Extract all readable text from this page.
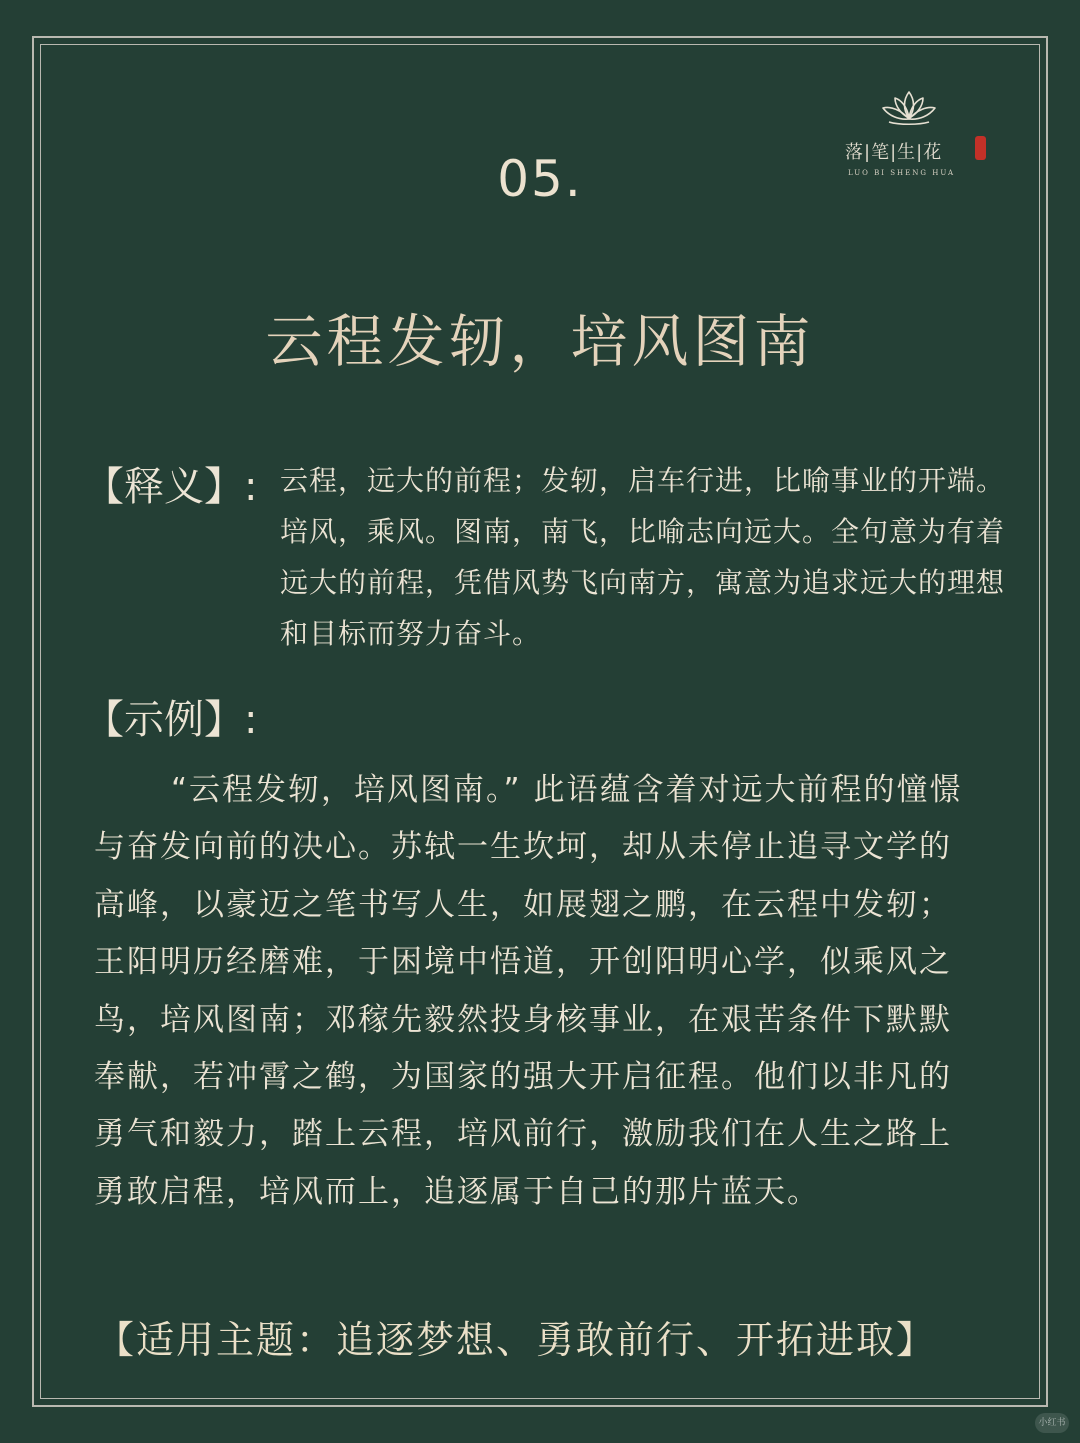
落|笔|生|花
LUO BI SHENG HUA
05.
云程发轫，培风图南
【释义】: 云程，远大的前程；发轫，启车行进，比喻事业的开端。培风，乘风。图南，南飞，比喻志向远大。全句意为有着远大的前程，凭借风势飞向南方，寓意为追求远大的理想和目标而努力奋斗。
【示例】:
“云程发轫，培风图南。” 此语蕴含着对远大前程的憧憬与奋发向前的决心。苏轼一生坎坷，却从未停止追寻文学的高峰，以豪迈之笔书写人生，如展翅之鹏，在云程中发轫；王阳明历经磨难，于困境中悟道，开创阳明心学，似乘风之鸟，培风图南；邓稼先毅然投身核事业，在艰苦条件下默默奉献，若冲霄之鹤，为国家的强大开启征程。他们以非凡的勇气和毅力，踏上云程，培风前行，激励我们在人生之路上勇敢启程，培风而上，追逐属于自己的那片蓝天。
【适用主题：追逐梦想、勇敢前行、开拓进取】
小红书
